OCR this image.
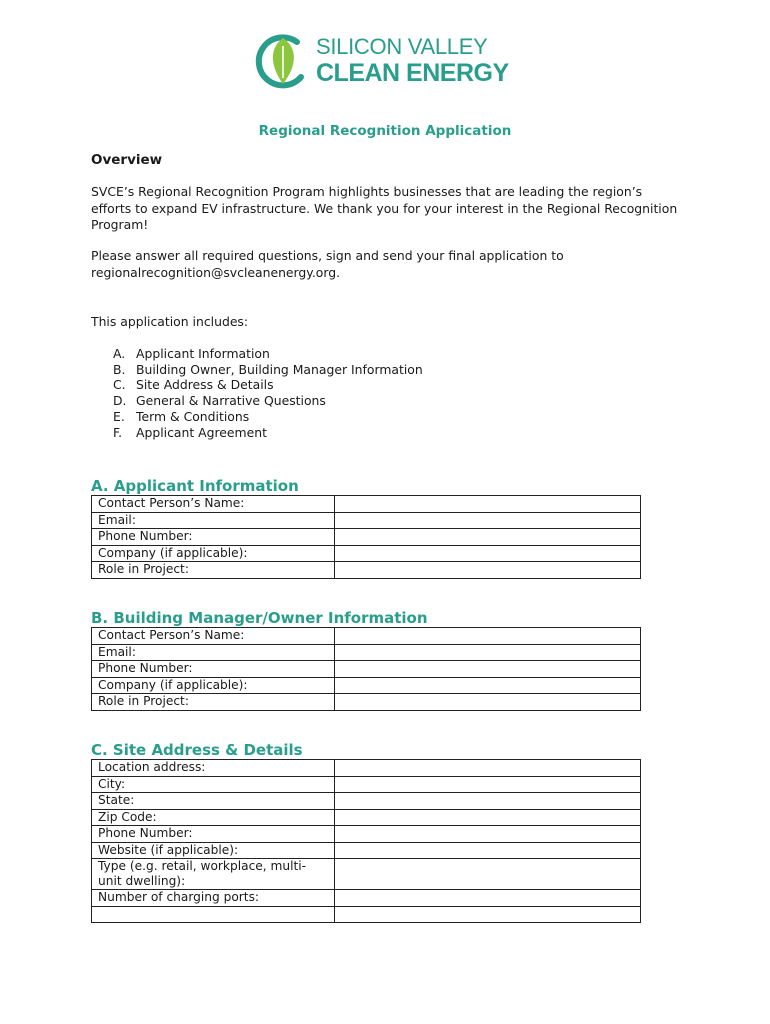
SILICON VALLEY
CLEAN ENERGY
Regional Recognition Application
Overview
SVCE’s Regional Recognition Program highlights businesses that are leading the region’s efforts to expand EV infrastructure. We thank you for your interest in the Regional Recognition Program!
Please answer all required questions, sign and send your final application to regionalrecognition@svcleanenergy.org.
This application includes:
A. Applicant Information
B. Building Owner, Building Manager Information
C. Site Address & Details
D. General & Narrative Questions
E. Term & Conditions
F. Applicant Agreement
A. Applicant Information
Contact Person’s Name:	
Email:	
Phone Number:	
Company (if applicable):	
Role in Project:	
B. Building Manager/Owner Information
Contact Person’s Name:	
Email:	
Phone Number:	
Company (if applicable):	
Role in Project:	
C. Site Address & Details
Location address:	
City:	
State:	
Zip Code:	
Phone Number:	
Website (if applicable):	
Type (e.g. retail, workplace, multi-unit dwelling):	
Number of charging ports:	
